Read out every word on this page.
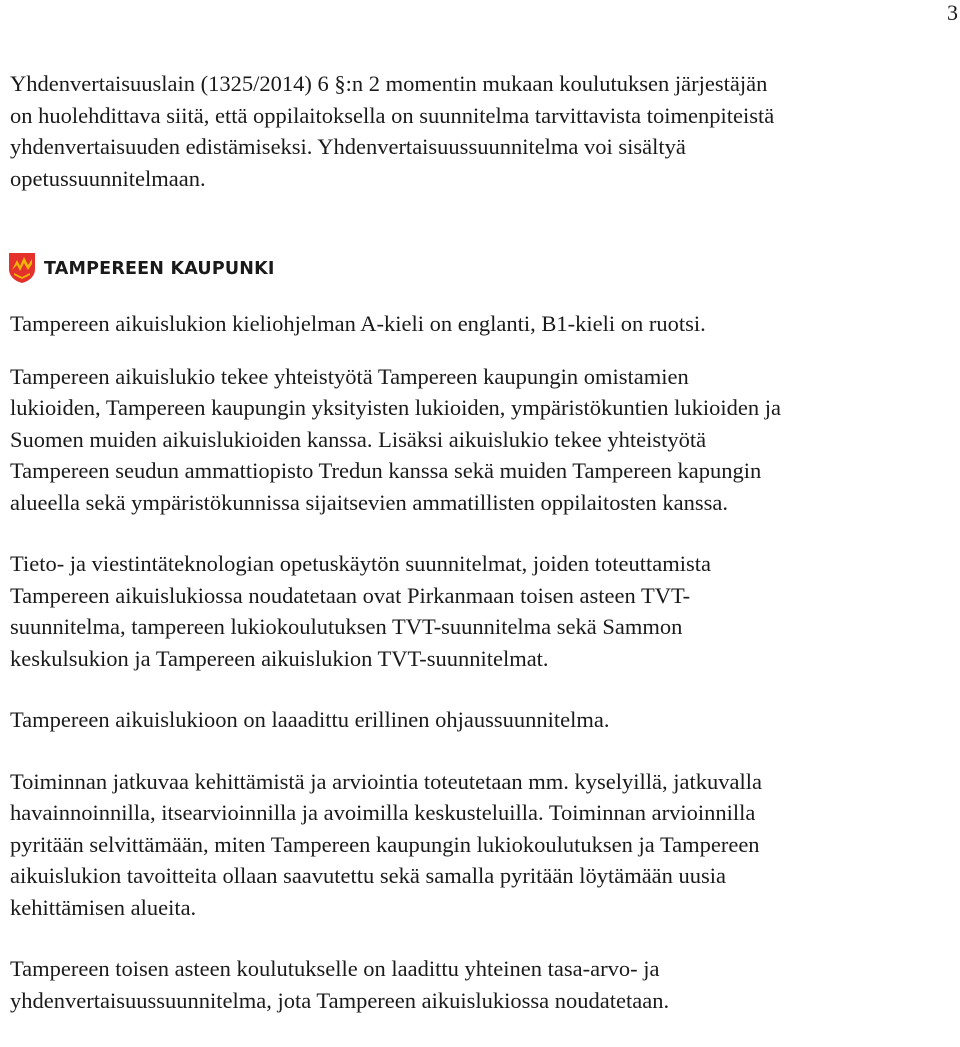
3

Yhdenvertaisuuslain (1325/2014) 6 §:n 2 momentin mukaan koulutuksen järjestäjän
on huolehdittava siitä, että oppilaitoksella on suunnitelma tarvittavista toimenpiteistä
yhdenvertaisuuden edistämiseksi. Yhdenvertaisuussuunnitelma voi sisältyä
opetussuunnitelmaan.

TAMPEREEN KAUPUNKI

Tampereen aikuislukion kieliohjelman A-kieli on englanti, B1-kieli on ruotsi.

Tampereen aikuislukio tekee yhteistyötä Tampereen kaupungin omistamien
lukioiden, Tampereen kaupungin yksityisten lukioiden, ympäristökuntien lukioiden ja
Suomen muiden aikuislukioiden kanssa. Lisäksi aikuislukio tekee yhteistyötä
Tampereen seudun ammattiopisto Tredun kanssa sekä muiden Tampereen kapungin
alueella sekä ympäristökunnissa sijaitsevien ammatillisten oppilaitosten kanssa.

Tieto- ja viestintäteknologian opetuskäytön suunnitelmat, joiden toteuttamista
Tampereen aikuislukiossa noudatetaan ovat Pirkanmaan toisen asteen TVT-
suunnitelma, tampereen lukiokoulutuksen TVT-suunnitelma sekä Sammon
keskulsukion ja Tampereen aikuislukion TVT-suunnitelmat.

Tampereen aikuislukioon on laaadittu erillinen ohjaussuunnitelma.

Toiminnan jatkuvaa kehittämistä ja arviointia toteutetaan mm. kyselyillä, jatkuvalla
havainnoinnilla, itsearvioinnilla ja avoimilla keskusteluilla. Toiminnan arvioinnilla
pyritään selvittämään, miten Tampereen kaupungin lukiokoulutuksen ja Tampereen
aikuislukion tavoitteita ollaan saavutettu sekä samalla pyritään löytämään uusia
kehittämisen alueita.

Tampereen toisen asteen koulutukselle on laadittu yhteinen tasa-arvo- ja
yhdenvertaisuussuunnitelma, jota Tampereen aikuislukiossa noudatetaan.
